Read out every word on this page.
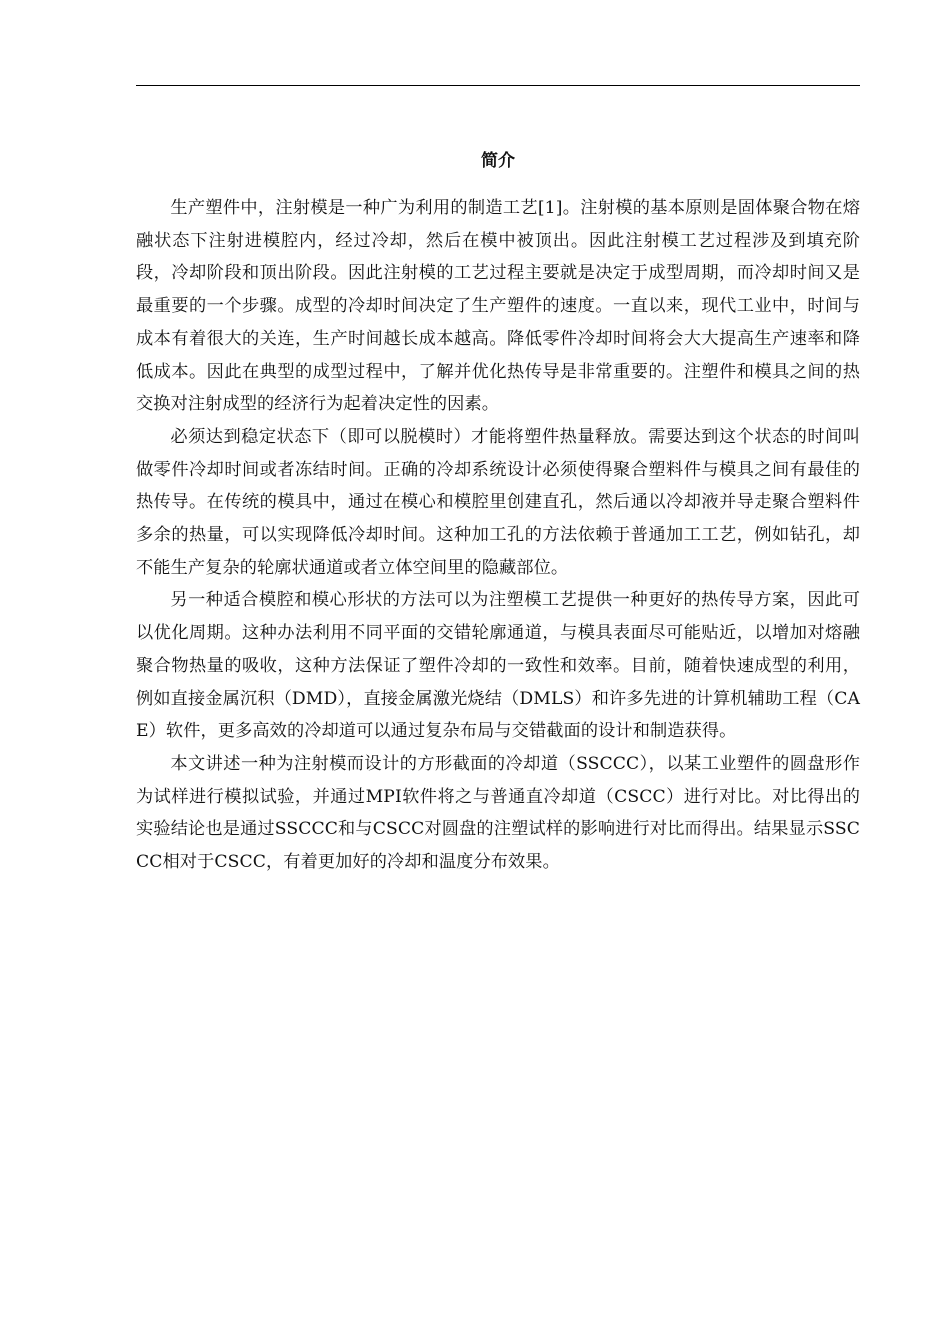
简介

生产塑件中，注射模是一种广为利用的制造工艺[1]。注射模的基本原则是固体聚合物在熔融状态下注射进模腔内，经过冷却，然后在模中被顶出。因此注射模工艺过程涉及到填充阶段，冷却阶段和顶出阶段。因此注射模的工艺过程主要就是决定于成型周期，而冷却时间又是最重要的一个步骤。成型的冷却时间决定了生产塑件的速度。一直以来，现代工业中，时间与成本有着很大的关连，生产时间越长成本越高。降低零件冷却时间将会大大提高生产速率和降低成本。因此在典型的成型过程中，了解并优化热传导是非常重要的。注塑件和模具之间的热交换对注射成型的经济行为起着决定性的因素。

必须达到稳定状态下（即可以脱模时）才能将塑件热量释放。需要达到这个状态的时间叫做零件冷却时间或者冻结时间。正确的冷却系统设计必须使得聚合塑料件与模具之间有最佳的热传导。在传统的模具中，通过在模心和模腔里创建直孔，然后通以冷却液并导走聚合塑料件多余的热量，可以实现降低冷却时间。这种加工孔的方法依赖于普通加工工艺，例如钻孔，却不能生产复杂的轮廓状通道或者立体空间里的隐藏部位。

另一种适合模腔和模心形状的方法可以为注塑模工艺提供一种更好的热传导方案，因此可以优化周期。这种办法利用不同平面的交错轮廓通道，与模具表面尽可能贴近，以增加对熔融聚合物热量的吸收，这种方法保证了塑件冷却的一致性和效率。目前，随着快速成型的利用，例如直接金属沉积（DMD），直接金属激光烧结（DMLS）和许多先进的计算机辅助工程（CAE）软件，更多高效的冷却道可以通过复杂布局与交错截面的设计和制造获得。

本文讲述一种为注射模而设计的方形截面的冷却道（SSCCC），以某工业塑件的圆盘形作为试样进行模拟试验，并通过MPI软件将之与普通直冷却道（CSCC）进行对比。对比得出的实验结论也是通过SSCCC和与CSCC对圆盘的注塑试样的影响进行对比而得出。结果显示SSCCC相对于CSCC，有着更加好的冷却和温度分布效果。
